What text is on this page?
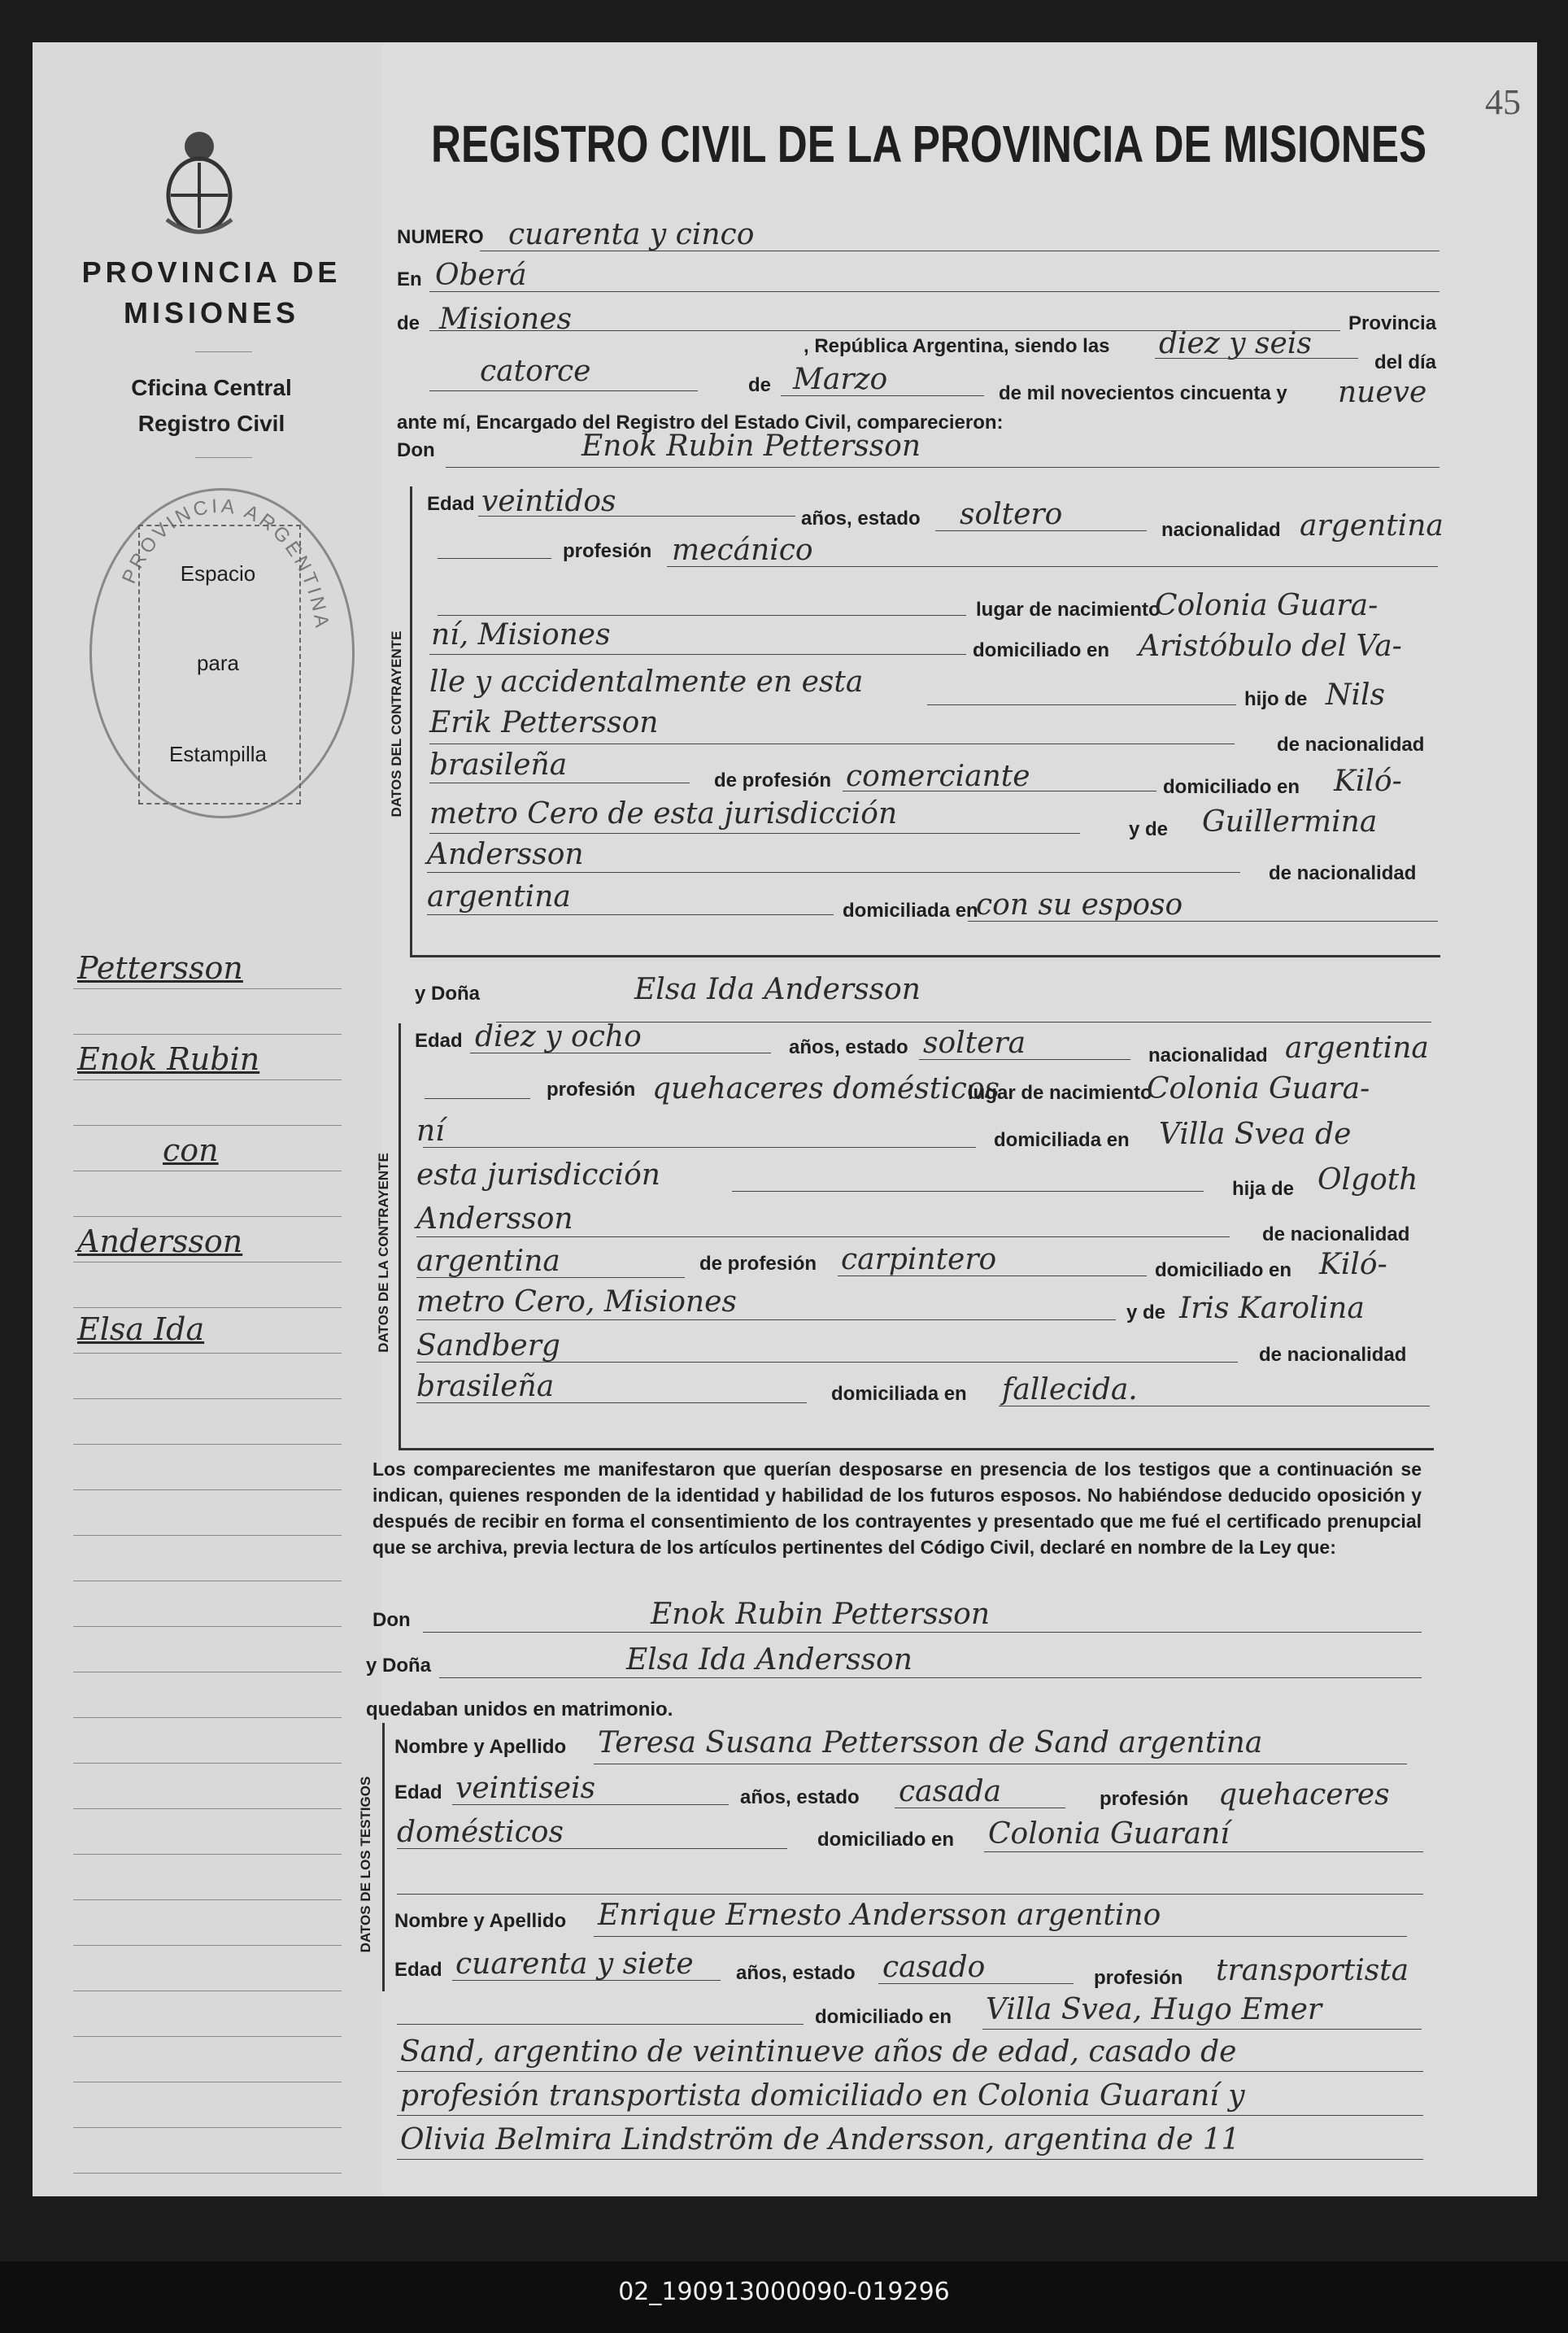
PROVINCIA DE
MISIONES
Cficina Central
Registro Civil
PROVINCIA ARGENTINA
Espacio
para
Estampilla
Pettersson
Enok Rubin
con
Andersson
Elsa Ida
45
REGISTRO CIVIL DE LA PROVINCIA DE MISIONES
NUMERO cuarenta y cinco
En Oberá
de Misiones	Provincia
, República Argentina, siendo las diez y seis
del día
catorce	de Marzo	de mil novecientos cincuenta y nueve
ante mí, Encargado del Registro del Estado Civil, comparecieron:
Don	Enok Rubin Pettersson
DATOS DEL CONTRAYENTE
Edad veintidos
años, estado soltero	nacionalidad argentina
profesión mecánico
lugar de nacimiento
Colonia Guara-
ní, Misiones	domiciliado en Aristóbulo del Va-
lle y accidentalmente en esta
hijo de Nils
Erik Pettersson
de nacionalidad
brasileña	de profesión comerciante	domiciliado en Kiló-
metro Cero de esta jurisdicción	y de Guillermina
Andersson
de nacionalidad
argentina	domiciliada en
con su esposo
y Doña	Elsa Ida Andersson
DATOS DE LA CONTRAYENTE
Edad diez y ocho	años, estado soltera	nacionalidad argentina
profesión quehaceres domésticos
lugar de nacimiento
Colonia Guara-
ní	domiciliada en Villa Svea de
esta jurisdicción	hija de Olgoth
Andersson	de nacionalidad
argentina	de profesión carpintero	domiciliado en Kiló-
metro Cero, Misiones	y de Iris Karolina
Sandberg	de nacionalidad
brasileña	domiciliada en fallecida.
Los comparecientes me manifestaron que querían desposarse en presencia de los testigos que a continuación se indican, quienes responden de la identidad y habilidad de los futuros esposos. No habiéndose deducido oposición y después de recibir en forma el consentimiento de los contrayentes y presentado que me fué el certificado prenupcial que se archiva, previa lectura de los artículos pertinentes del Código Civil, declaré en nombre de la Ley que:
Don	Enok Rubin Pettersson
y Doña	Elsa Ida Andersson
quedaban unidos en matrimonio.
DATOS DE LOS TESTIGOS
Nombre y Apellido Teresa Susana Pettersson de Sand argentina
Edad veintiseis	años, estado casada	profesión quehaceres
domésticos	domiciliado en Colonia Guaraní
Nombre y Apellido Enrique Ernesto Andersson argentino
Edad cuarenta y siete años, estado casado	profesión transportista
domiciliado en Villa Svea, Hugo Emer
Sand, argentino de veintinueve años de edad, casado de
profesión transportista domiciliado en Colonia Guaraní y
Olivia Belmira Lindström de Andersson, argentina de 11
02_190913000090-019296
